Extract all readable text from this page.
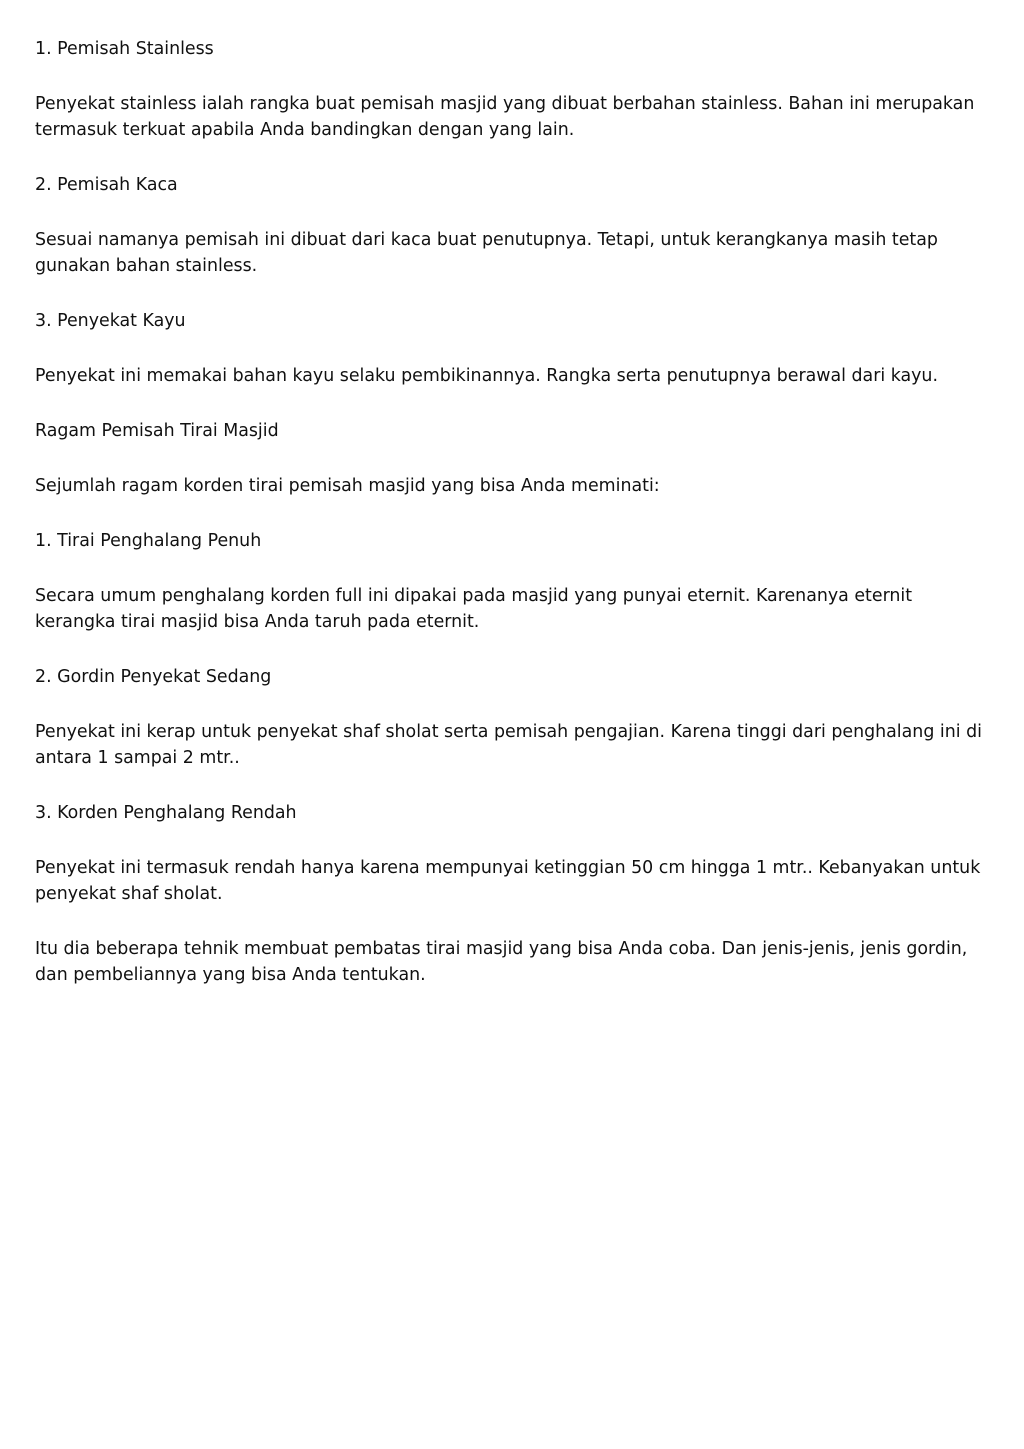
1. Pemisah Stainless

Penyekat stainless ialah rangka buat pemisah masjid yang dibuat berbahan stainless. Bahan ini merupakan termasuk terkuat apabila Anda bandingkan dengan yang lain.

2. Pemisah Kaca

Sesuai namanya pemisah ini dibuat dari kaca buat penutupnya. Tetapi, untuk kerangkanya masih tetap gunakan bahan stainless.

3. Penyekat Kayu

Penyekat ini memakai bahan kayu selaku pembikinannya. Rangka serta penutupnya berawal dari kayu.

Ragam Pemisah Tirai Masjid

Sejumlah ragam korden tirai pemisah masjid yang bisa Anda meminati:

1. Tirai Penghalang Penuh

Secara umum penghalang korden full ini dipakai pada masjid yang punyai eternit. Karenanya eternit kerangka tirai masjid bisa Anda taruh pada eternit.

2. Gordin Penyekat Sedang

Penyekat ini kerap untuk penyekat shaf sholat serta pemisah pengajian. Karena tinggi dari penghalang ini di antara 1 sampai 2 mtr..

3. Korden Penghalang Rendah

Penyekat ini termasuk rendah hanya karena mempunyai ketinggian 50 cm hingga 1 mtr.. Kebanyakan untuk penyekat shaf sholat.

Itu dia beberapa tehnik membuat pembatas tirai masjid yang bisa Anda coba. Dan jenis-jenis, jenis gordin, dan pembeliannya yang bisa Anda tentukan.
